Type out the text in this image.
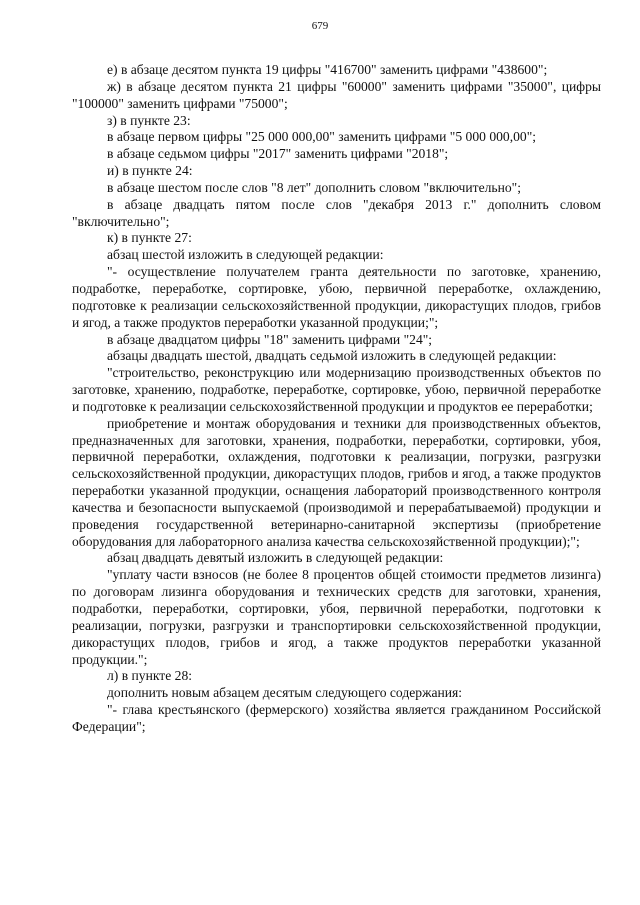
679

е) в абзаце десятом пункта 19 цифры "416700" заменить цифрами "438600";

ж) в абзаце десятом пункта 21 цифры "60000" заменить цифрами "35000", цифры "100000" заменить цифрами "75000";

з) в пункте 23:

в абзаце первом цифры "25 000 000,00" заменить цифрами "5 000 000,00";

в абзаце седьмом цифры "2017" заменить цифрами "2018";

и) в пункте 24:

в абзаце шестом после слов "8 лет" дополнить словом "включительно";

в абзаце двадцать пятом после слов "декабря 2013 г." дополнить словом "включительно";

к) в пункте 27:

абзац шестой изложить в следующей редакции:

"- осуществление получателем гранта деятельности по заготовке, хранению, подработке, переработке, сортировке, убою, первичной переработке, охлаждению, подготовке к реализации сельскохозяйственной продукции, дикорастущих плодов, грибов и ягод, а также продуктов переработки указанной продукции;";

в абзаце двадцатом цифры "18" заменить цифрами "24";

абзацы двадцать шестой, двадцать седьмой изложить в следующей редакции:

"строительство, реконструкцию или модернизацию производственных объектов по заготовке, хранению, подработке, переработке, сортировке, убою, первичной переработке и подготовке к реализации сельскохозяйственной продукции и продуктов ее переработки;

приобретение и монтаж оборудования и техники для производственных объектов, предназначенных для заготовки, хранения, подработки, переработки, сортировки, убоя, первичной переработки, охлаждения, подготовки к реализации, погрузки, разгрузки сельскохозяйственной продукции, дикорастущих плодов, грибов и ягод, а также продуктов переработки указанной продукции, оснащения лабораторий производственного контроля качества и безопасности выпускаемой (производимой и перерабатываемой) продукции и проведения государственной ветеринарно-санитарной экспертизы (приобретение оборудования для лабораторного анализа качества сельскохозяйственной продукции);";

абзац двадцать девятый изложить в следующей редакции:

"уплату части взносов (не более 8 процентов общей стоимости предметов лизинга) по договорам лизинга оборудования и технических средств для заготовки, хранения, подработки, переработки, сортировки, убоя, первичной переработки, подготовки к реализации, погрузки, разгрузки и транспортировки сельскохозяйственной продукции, дикорастущих плодов, грибов и ягод, а также продуктов переработки указанной продукции.";

л) в пункте 28:

дополнить новым абзацем десятым следующего содержания:

"- глава крестьянского (фермерского) хозяйства является гражданином Российской Федерации";
